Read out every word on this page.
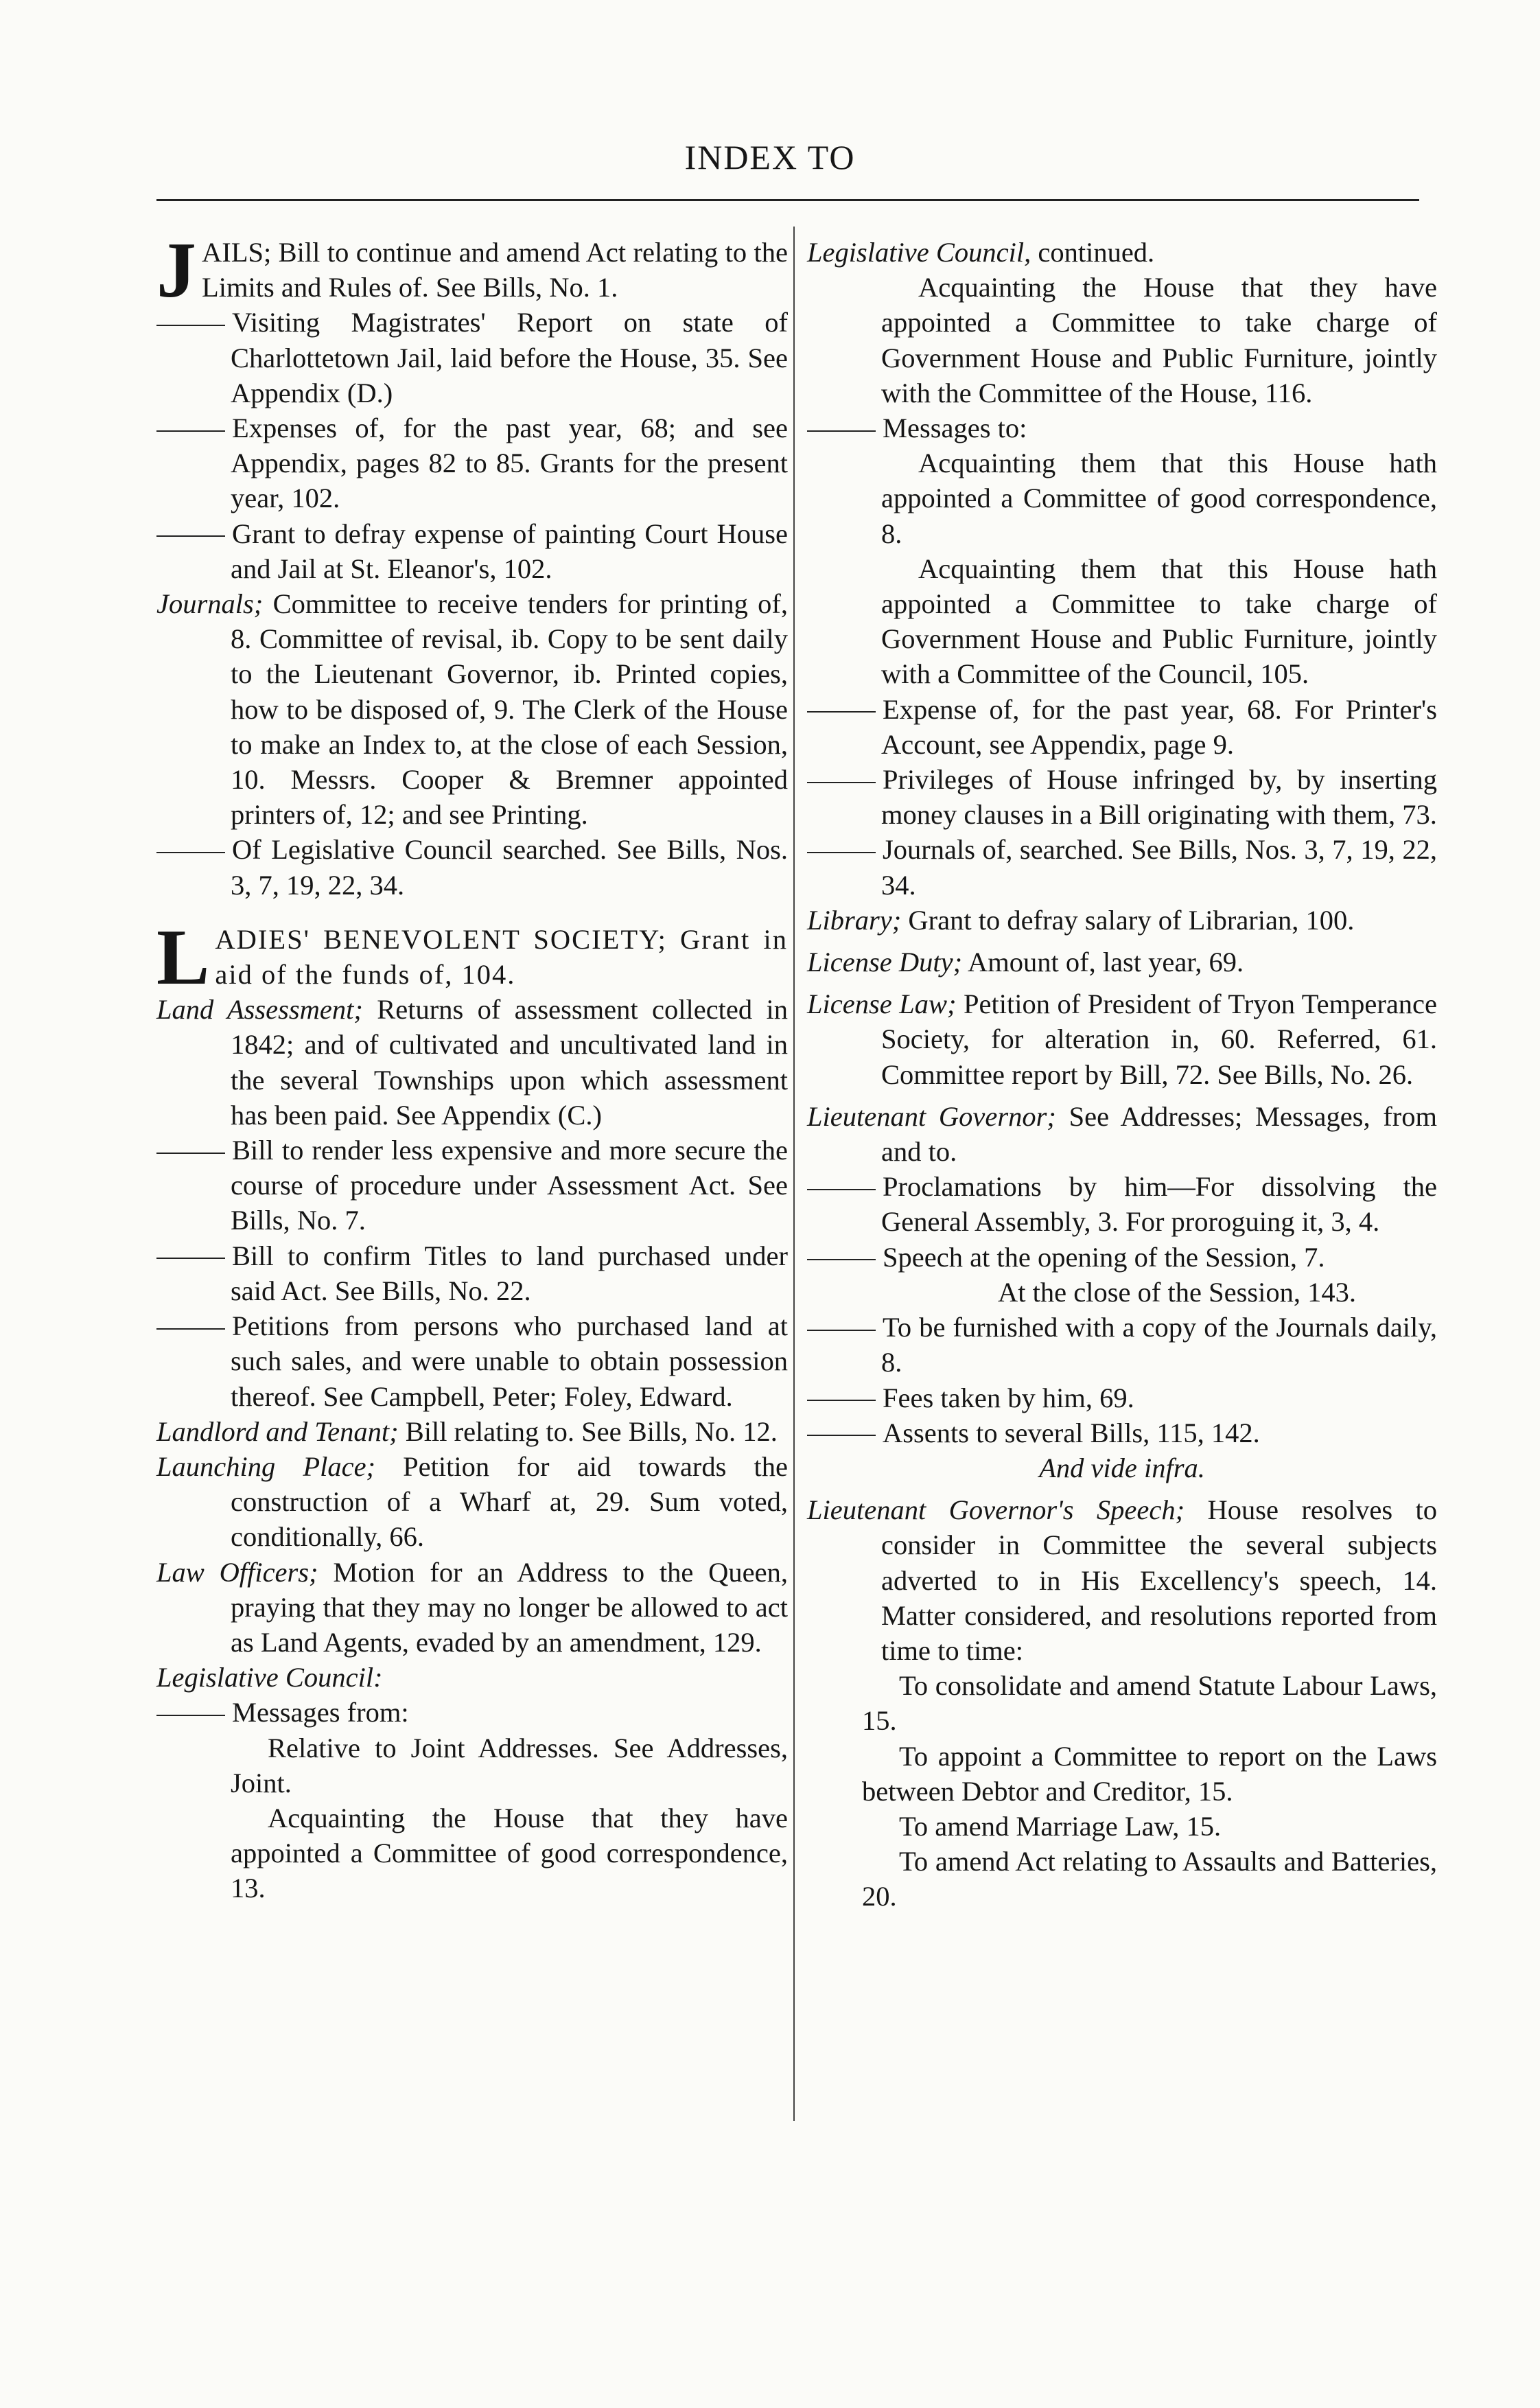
INDEX TO
JAILS; Bill to continue and amend Act relating to the Limits and Rules of. See Bills, No. 1.
Visiting Magistrates' Report on state of Charlottetown Jail, laid before the House, 35. See Appendix (D.)
Expenses of, for the past year, 68; and see Appendix, pages 82 to 85. Grants for the present year, 102.
Grant to defray expense of painting Court House and Jail at St. Eleanor's, 102.
Journals; Committee to receive tenders for printing of, 8. Committee of revisal, ib. Copy to be sent daily to the Lieutenant Governor, ib. Printed copies, how to be disposed of, 9. The Clerk of the House to make an Index to, at the close of each Session, 10. Messrs. Cooper & Bremner appointed printers of, 12; and see Printing.
Of Legislative Council searched. See Bills, Nos. 3, 7, 19, 22, 34.
LADIES' BENEVOLENT SOCIETY; Grant in aid of the funds of, 104.
Land Assessment; Returns of assessment collected in 1842; and of cultivated and uncultivated land in the several Townships upon which assessment has been paid. See Appendix (C.)
Bill to render less expensive and more secure the course of procedure under Assessment Act. See Bills, No. 7.
Bill to confirm Titles to land purchased under said Act. See Bills, No. 22.
Petitions from persons who purchased land at such sales, and were unable to obtain possession thereof. See Campbell, Peter; Foley, Edward.
Landlord and Tenant; Bill relating to. See Bills, No. 12.
Launching Place; Petition for aid towards the construction of a Wharf at, 29. Sum voted, conditionally, 66.
Law Officers; Motion for an Address to the Queen, praying that they may no longer be allowed to act as Land Agents, evaded by an amendment, 129.
Legislative Council:
Messages from:
Relative to Joint Addresses. See Addresses, Joint.
Acquainting the House that they have appointed a Committee of good correspondence, 13.
Legislative Council, continued.
Acquainting the House that they have appointed a Committee to take charge of Government House and Public Furniture, jointly with the Committee of the House, 116.
Messages to:
Acquainting them that this House hath appointed a Committee of good correspondence, 8.
Acquainting them that this House hath appointed a Committee to take charge of Government House and Public Furniture, jointly with a Committee of the Council, 105.
Expense of, for the past year, 68. For Printer's Account, see Appendix, page 9.
Privileges of House infringed by, by inserting money clauses in a Bill originating with them, 73.
Journals of, searched. See Bills, Nos. 3, 7, 19, 22, 34.
Library; Grant to defray salary of Librarian, 100.
License Duty; Amount of, last year, 69.
License Law; Petition of President of Tryon Temperance Society, for alteration in, 60. Referred, 61. Committee report by Bill, 72. See Bills, No. 26.
Lieutenant Governor; See Addresses; Messages, from and to.
Proclamations by him—For dissolving the General Assembly, 3. For proroguing it, 3, 4.
Speech at the opening of the Session, 7.
At the close of the Session, 143.
To be furnished with a copy of the Journals daily, 8.
Fees taken by him, 69.
Assents to several Bills, 115, 142.
And vide infra.
Lieutenant Governor's Speech; House resolves to consider in Committee the several subjects adverted to in His Excellency's speech, 14. Matter considered, and resolutions reported from time to time:
To consolidate and amend Statute Labour Laws, 15.
To appoint a Committee to report on the Laws between Debtor and Creditor, 15.
To amend Marriage Law, 15.
To amend Act relating to Assaults and Batteries, 20.
